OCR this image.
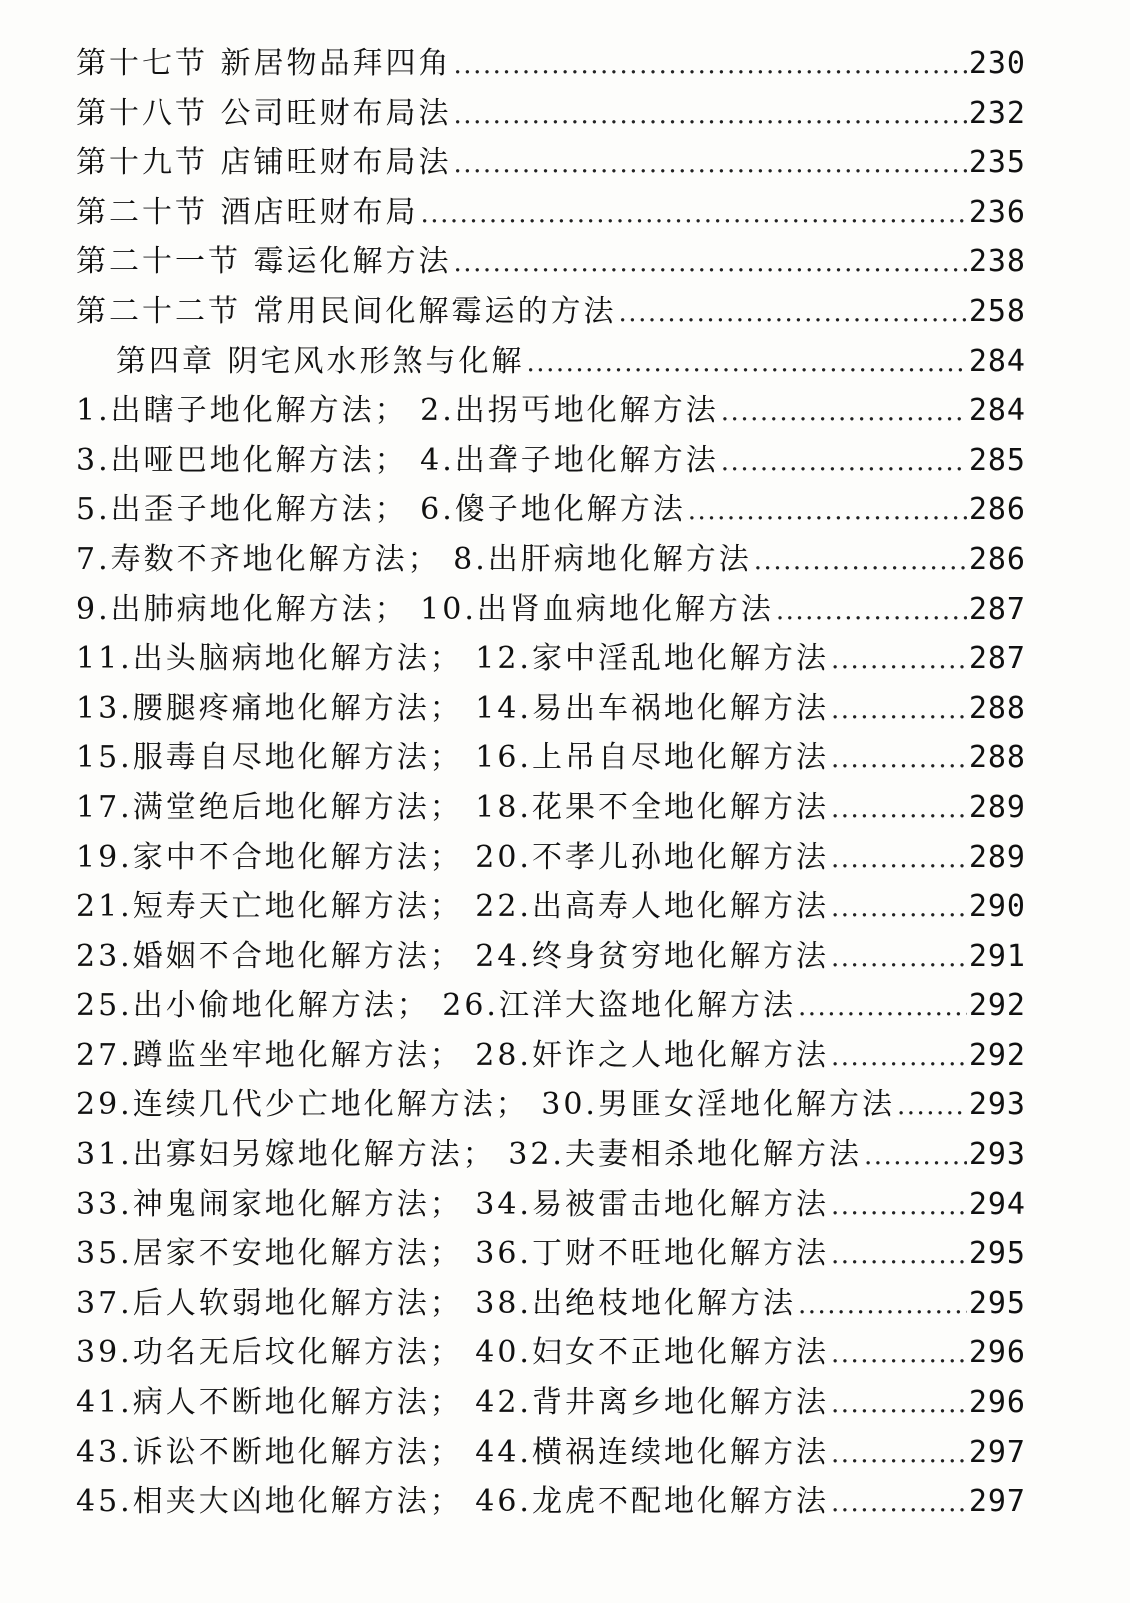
第十七节 新居物品拜四角 .....	230
第十八节 公司旺财布局法 .....	232
第十九节 店铺旺财布局法 .....	235
第二十节 酒店旺财布局 .....	236
第二十一节 霉运化解方法 .....	238
第二十二节 常用民间化解霉运的方法 .....	258
第四章 阴宅风水形煞与化解 .....	284
1.出瞎子地化解方法； 2.出拐丐地化解方法 .....	284
3.出哑巴地化解方法； 4.出聋子地化解方法 .....	285
5.出歪子地化解方法； 6.傻子地化解方法 .....	286
7.寿数不齐地化解方法； 8.出肝病地化解方法 .....	286
9.出肺病地化解方法； 10.出肾血病地化解方法 .....	287
11.出头脑病地化解方法； 12.家中淫乱地化解方法 .....	287
13.腰腿疼痛地化解方法； 14.易出车祸地化解方法 .....	288
15.服毒自尽地化解方法； 16.上吊自尽地化解方法 .....	288
17.满堂绝后地化解方法； 18.花果不全地化解方法 .....	289
19.家中不合地化解方法； 20.不孝儿孙地化解方法 .....	289
21.短寿天亡地化解方法； 22.出高寿人地化解方法 .....	290
23.婚姻不合地化解方法； 24.终身贫穷地化解方法 .....	291
25.出小偷地化解方法； 26.江洋大盗地化解方法 .....	292
27.蹲监坐牢地化解方法； 28.奸诈之人地化解方法 .....	292
29.连续几代少亡地化解方法； 30.男匪女淫地化解方法 ..... 293
31.出寡妇另嫁地化解方法； 32.夫妻相杀地化解方法 .....	293
33.神鬼闹家地化解方法； 34.易被雷击地化解方法 .....	294
35.居家不安地化解方法； 36.丁财不旺地化解方法 .....	295
37.后人软弱地化解方法； 38.出绝枝地化解方法 .....	295
39.功名无后坟化解方法； 40.妇女不正地化解方法 .....	296
41.病人不断地化解方法； 42.背井离乡地化解方法 .....	296
43.诉讼不断地化解方法； 44.横祸连续地化解方法 .....	297
45.相夹大凶地化解方法； 46.龙虎不配地化解方法 .....	297
